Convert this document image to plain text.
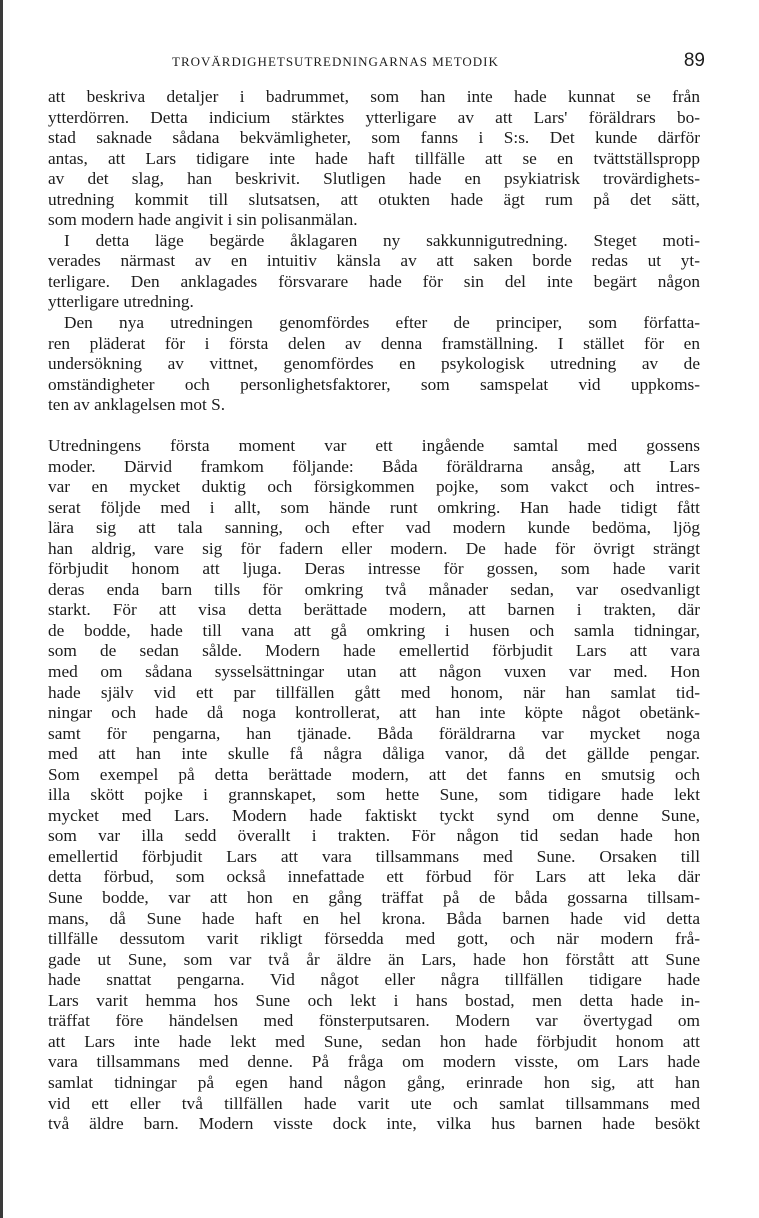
TROVÄRDIGHETSUTREDNINGARNAS METODIK	89
att beskriva detaljer i badrummet, som han inte hade kunnat se från
ytterdörren. Detta indicium stärktes ytterligare av att Lars' föräldrars bo-
stad saknade sådana bekvämligheter, som fanns i S:s. Det kunde därför
antas, att Lars tidigare inte hade haft tillfälle att se en tvättställspropp
av det slag, han beskrivit. Slutligen hade en psykiatrisk trovärdighets-
utredning kommit till slutsatsen, att otukten hade ägt rum på det sätt,
som modern hade angivit i sin polisanmälan.
I detta läge begärde åklagaren ny sakkunnigutredning. Steget moti-
verades närmast av en intuitiv känsla av att saken borde redas ut yt-
terligare. Den anklagades försvarare hade för sin del inte begärt någon
ytterligare utredning.
Den nya utredningen genomfördes efter de principer, som författa-
ren pläderat för i första delen av denna framställning. I stället för en
undersökning av vittnet, genomfördes en psykologisk utredning av de
omständigheter och personlighetsfaktorer, som samspelat vid uppkoms-
ten av anklagelsen mot S.
Utredningens första moment var ett ingående samtal med gossens
moder. Därvid framkom följande: Båda föräldrarna ansåg, att Lars
var en mycket duktig och försigkommen pojke, som vakct och intres-
serat följde med i allt, som hände runt omkring. Han hade tidigt fått
lära sig att tala sanning, och efter vad modern kunde bedöma, ljög
han aldrig, vare sig för fadern eller modern. De hade för övrigt strängt
förbjudit honom att ljuga. Deras intresse för gossen, som hade varit
deras enda barn tills för omkring två månader sedan, var osedvanligt
starkt. För att visa detta berättade modern, att barnen i trakten, där
de bodde, hade till vana att gå omkring i husen och samla tidningar,
som de sedan sålde. Modern hade emellertid förbjudit Lars att vara
med om sådana sysselsättningar utan att någon vuxen var med. Hon
hade själv vid ett par tillfällen gått med honom, när han samlat tid-
ningar och hade då noga kontrollerat, att han inte köpte något obetänk-
samt för pengarna, han tjänade. Båda föräldrarna var mycket noga
med att han inte skulle få några dåliga vanor, då det gällde pengar.
Som exempel på detta berättade modern, att det fanns en smutsig och
illa skött pojke i grannskapet, som hette Sune, som tidigare hade lekt
mycket med Lars. Modern hade faktiskt tyckt synd om denne Sune,
som var illa sedd överallt i trakten. För någon tid sedan hade hon
emellertid förbjudit Lars att vara tillsammans med Sune. Orsaken till
detta förbud, som också innefattade ett förbud för Lars att leka där
Sune bodde, var att hon en gång träffat på de båda gossarna tillsam-
mans, då Sune hade haft en hel krona. Båda barnen hade vid detta
tillfälle dessutom varit rikligt försedda med gott, och när modern frå-
gade ut Sune, som var två år äldre än Lars, hade hon förstått att Sune
hade snattat pengarna. Vid något eller några tillfällen tidigare hade
Lars varit hemma hos Sune och lekt i hans bostad, men detta hade in-
träffat före händelsen med fönsterputsaren. Modern var övertygad om
att Lars inte hade lekt med Sune, sedan hon hade förbjudit honom att
vara tillsammans med denne. På fråga om modern visste, om Lars hade
samlat tidningar på egen hand någon gång, erinrade hon sig, att han
vid ett eller två tillfällen hade varit ute och samlat tillsammans med
två äldre barn. Modern visste dock inte, vilka hus barnen hade besökt
